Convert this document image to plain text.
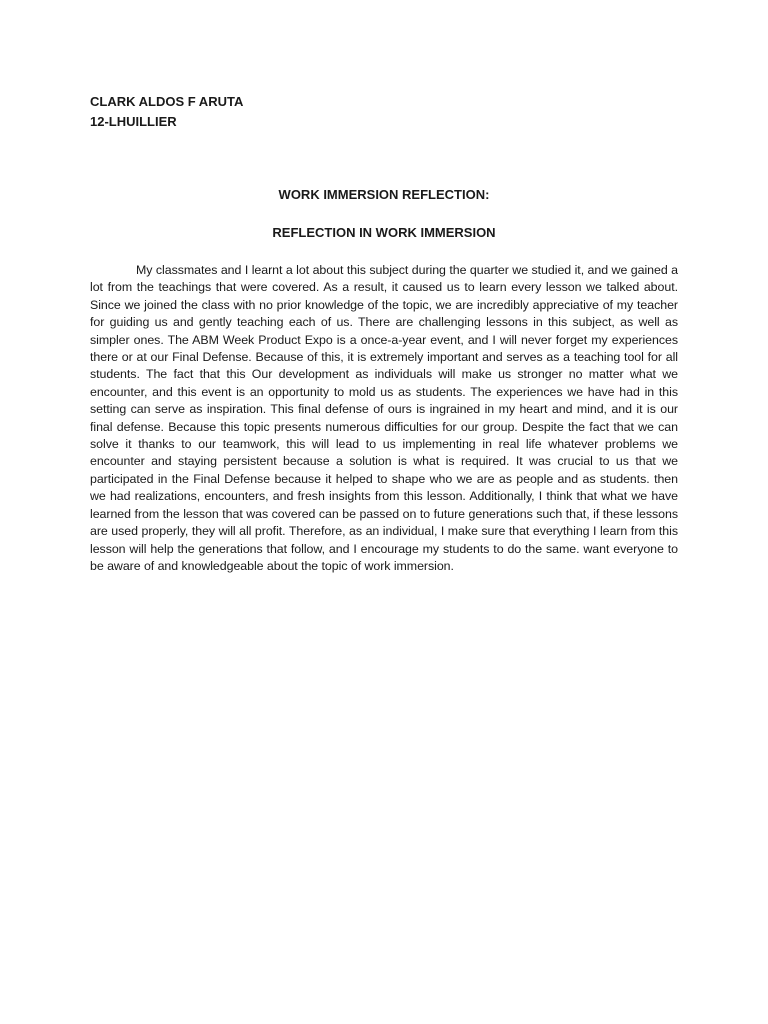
CLARK ALDOS F ARUTA
12-LHUILLIER
WORK IMMERSION REFLECTION:
REFLECTION IN WORK IMMERSION

My classmates and I learnt a lot about this subject during the quarter we studied it, and we gained a lot from the teachings that were covered. As a result, it caused us to learn every lesson we talked about. Since we joined the class with no prior knowledge of the topic, we are incredibly appreciative of my teacher for guiding us and gently teaching each of us. There are challenging lessons in this subject, as well as simpler ones. The ABM Week Product Expo is a once-a-year event, and I will never forget my experiences there or at our Final Defense. Because of this, it is extremely important and serves as a teaching tool for all students. The fact that this Our development as individuals will make us stronger no matter what we encounter, and this event is an opportunity to mold us as students. The experiences we have had in this setting can serve as inspiration. This final defense of ours is ingrained in my heart and mind, and it is our final defense. Because this topic presents numerous difficulties for our group. Despite the fact that we can solve it thanks to our teamwork, this will lead to us implementing in real life whatever problems we encounter and staying persistent because a solution is what is required. It was crucial to us that we participated in the Final Defense because it helped to shape who we are as people and as students. then we had realizations, encounters, and fresh insights from this lesson. Additionally, I think that what we have learned from the lesson that was covered can be passed on to future generations such that, if these lessons are used properly, they will all profit. Therefore, as an individual, I make sure that everything I learn from this lesson will help the generations that follow, and I encourage my students to do the same. want everyone to be aware of and knowledgeable about the topic of work immersion.
